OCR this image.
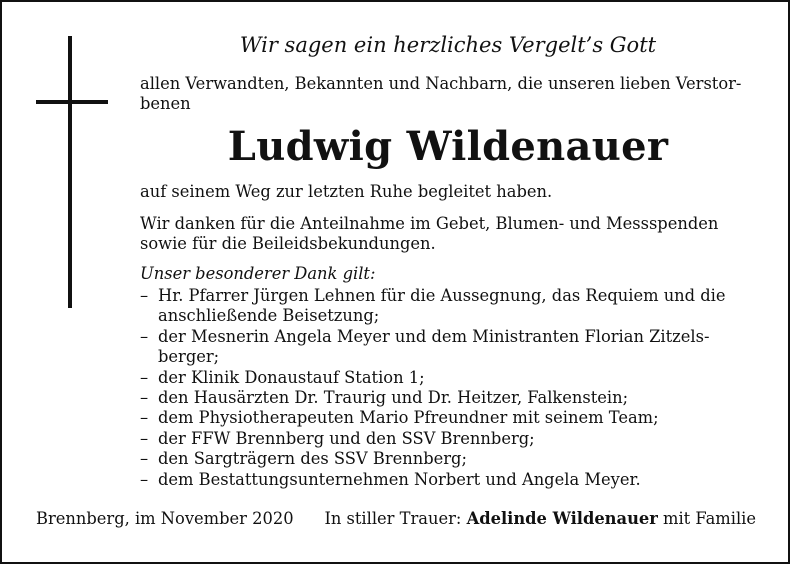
Wir sagen ein herzliches Vergelt’s Gott
allen Verwandten, Bekannten und Nachbarn, die unseren lieben Verstor-
benen
Ludwig Wildenauer
auf seinem Weg zur letzten Ruhe begleitet haben.
Wir danken für die Anteilnahme im Gebet, Blumen- und Messspenden sowie für die Beileidsbekundungen.
Unser besonderer Dank gilt:
– Hr. Pfarrer Jürgen Lehnen für die Aussegnung, das Requiem und die anschließende Beisetzung;
– der Mesnerin Angela Meyer und dem Ministranten Florian Zitzels-
berger;
– der Klinik Donaustauf Station 1;
– den Hausärzten Dr. Traurig und Dr. Heitzer, Falkenstein;
– dem Physiotherapeuten Mario Pfreundner mit seinem Team;
– der FFW Brennberg und den SSV Brennberg;
– den Sargträgern des SSV Brennberg;
– dem Bestattungsunternehmen Norbert und Angela Meyer.
Brennberg, im November 2020 In stiller Trauer: Adelinde Wildenauer mit Familie
